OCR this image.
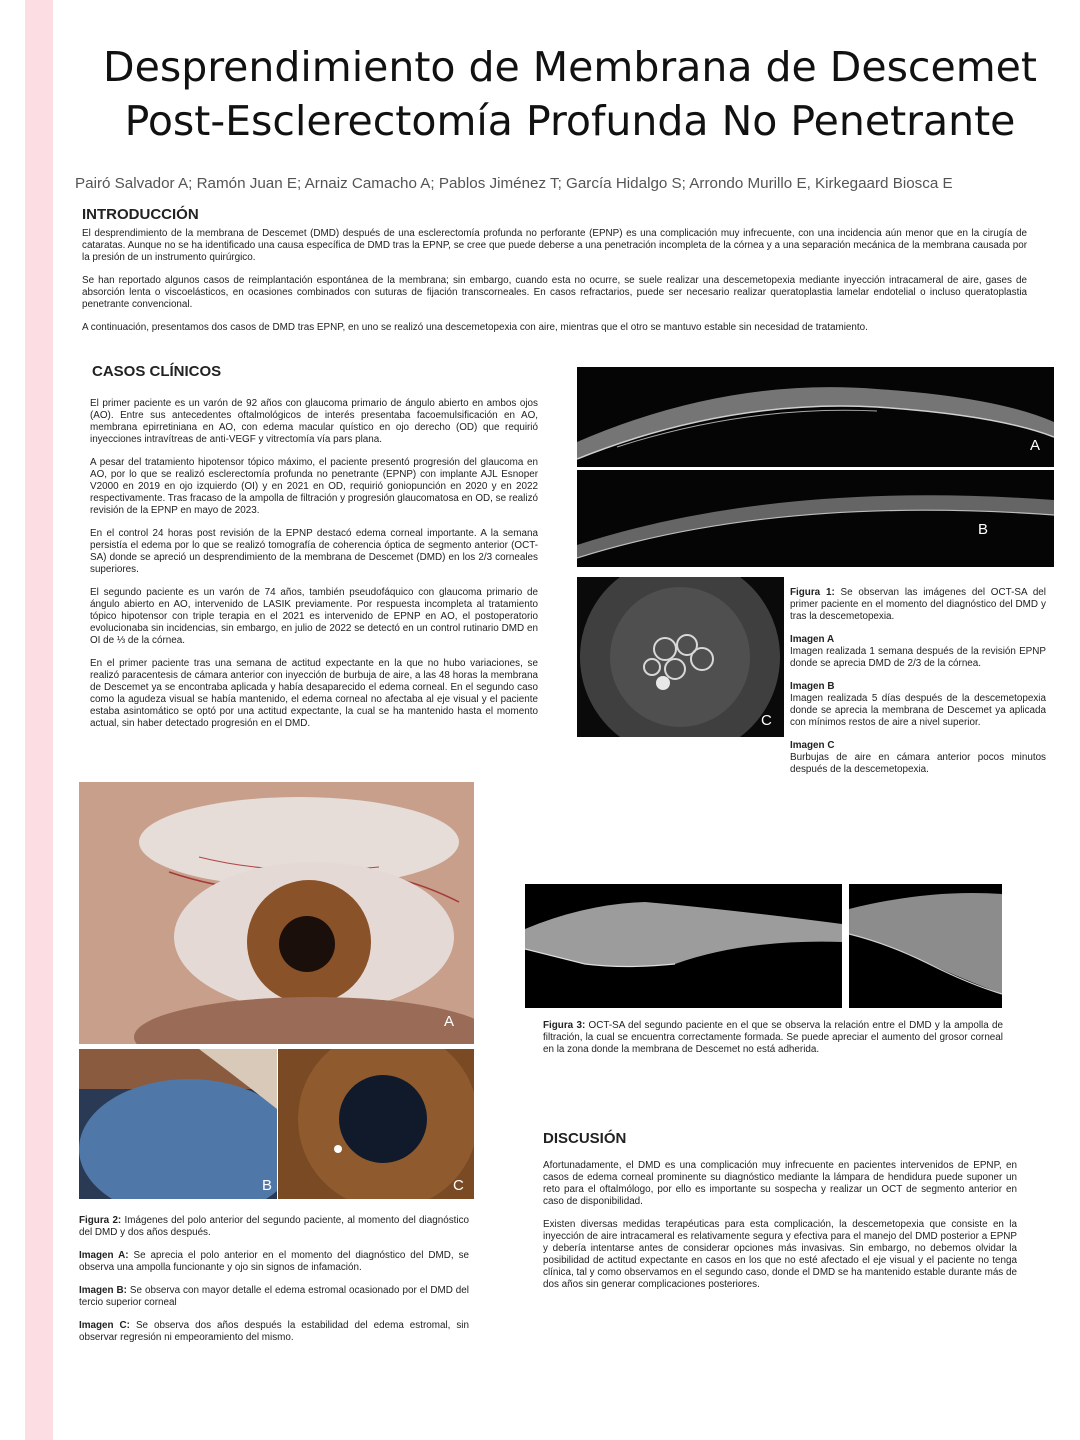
Desprendimiento de Membrana de Descemet
Post-Esclerectomía Profunda No Penetrante
Pairó Salvador A; Ramón Juan E; Arnaiz Camacho A; Pablos Jiménez T; García Hidalgo S; Arrondo Murillo E, Kirkegaard Biosca E
INTRODUCCIÓN

El desprendimiento de la membrana de Descemet (DMD) después de una esclerectomía profunda no perforante (EPNP) es una complicación muy infrecuente, con una incidencia aún menor que en la cirugía de cataratas. Aunque no se ha identificado una causa específica de DMD tras la EPNP, se cree que puede deberse a una penetración incompleta de la córnea y a una separación mecánica de la membrana causada por la presión de un instrumento quirúrgico.

Se han reportado algunos casos de reimplantación espontánea de la membrana; sin embargo, cuando esta no ocurre, se suele realizar una descemetopexia mediante inyección intracameral de aire, gases de absorción lenta o viscoelásticos, en ocasiones combinados con suturas de fijación transcorneales. En casos refractarios, puede ser necesario realizar queratoplastia lamelar endotelial o incluso queratoplastia penetrante convencional.

A continuación, presentamos dos casos de DMD tras EPNP, en uno se realizó una descemetopexia con aire, mientras que el otro se mantuvo estable sin necesidad de tratamiento.

CASOS CLÍNICOS

El primer paciente es un varón de 92 años con glaucoma primario de ángulo abierto en ambos ojos (AO). Entre sus antecedentes oftalmológicos de interés presentaba facoemulsificación en AO, membrana epirretiniana en AO, con edema macular quístico en ojo derecho (OD) que requirió inyecciones intravítreas de anti-VEGF y vitrectomía vía pars plana.

A pesar del tratamiento hipotensor tópico máximo, el paciente presentó progresión del glaucoma en AO, por lo que se realizó esclerectomía profunda no penetrante (EPNP) con implante AJL Esnoper V2000 en 2019 en ojo izquierdo (OI) y en 2021 en OD, requirió goniopunción en 2020 y en 2022 respectivamente. Tras fracaso de la ampolla de filtración y progresión glaucomatosa en OD, se realizó revisión de la EPNP en mayo de 2023.

En el control 24 horas post revisión de la EPNP destacó edema corneal importante. A la semana persistía el edema por lo que se realizó tomografía de coherencia óptica de segmento anterior (OCT-SA) donde se apreció un desprendimiento de la membrana de Descemet (DMD) en los 2/3 corneales superiores.

El segundo paciente es un varón de 74 años, también pseudofáquico con glaucoma primario de ángulo abierto en AO, intervenido de LASIK previamente. Por respuesta incompleta al tratamiento tópico hipotensor con triple terapia en el 2021 es intervenido de EPNP en AO, el postoperatorio evolucionaba sin incidencias, sin embargo, en julio de 2022 se detectó en un control rutinario DMD en OI de ⅓ de la córnea.

En el primer paciente tras una semana de actitud expectante en la que no hubo variaciones, se realizó paracentesis de cámara anterior con inyección de burbuja de aire, a las 48 horas la membrana de Descemet ya se encontraba aplicada y había desaparecido el edema corneal. En el segundo caso como la agudeza visual se había mantenido, el edema corneal no afectaba al eje visual y el paciente estaba asintomático se optó por una actitud expectante, la cual se ha mantenido hasta el momento actual, sin haber detectado progresión en el DMD.

A
B
C

Figura 1: Se observan las imágenes del OCT-SA del primer paciente en el momento del diagnóstico del DMD y tras la descemetopexia.

Imagen A
Imagen realizada 1 semana después de la revisión EPNP donde se aprecia DMD de 2/3 de la córnea.

Imagen B
Imagen realizada 5 días después de la descemetopexia donde se aprecia la membrana de Descemet ya aplicada con mínimos restos de aire a nivel superior.

Imagen C
Burbujas de aire en cámara anterior pocos minutos después de la descemetopexia.

A
B	C

Figura 2: Imágenes del polo anterior del segundo paciente, al momento del diagnóstico del DMD y dos años después.

Imagen A: Se aprecia el polo anterior en el momento del diagnóstico del DMD, se observa una ampolla funcionante y ojo sin signos de infamación.

Imagen B: Se observa con mayor detalle el edema estromal ocasionado por el DMD del tercio superior corneal

Imagen C: Se observa dos años después la estabilidad del edema estromal, sin observar regresión ni empeoramiento del mismo.

Figura 3: OCT-SA del segundo paciente en el que se observa la relación entre el DMD y la ampolla de filtración, la cual se encuentra correctamente formada. Se puede apreciar el aumento del grosor corneal en la zona donde la membrana de Descemet no está adherida.

DISCUSIÓN

Afortunadamente, el DMD es una complicación muy infrecuente en pacientes intervenidos de EPNP, en casos de edema corneal prominente su diagnóstico mediante la lámpara de hendidura puede suponer un reto para el oftalmólogo, por ello es importante su sospecha y realizar un OCT de segmento anterior en caso de disponibilidad.

Existen diversas medidas terapéuticas para esta complicación, la descemetopexia que consiste en la inyección de aire intracameral es relativamente segura y efectiva para el manejo del DMD posterior a EPNP y debería intentarse antes de considerar opciones más invasivas. Sin embargo, no debemos olvidar la posibilidad de actitud expectante en casos en los que no esté afectado el eje visual y el paciente no tenga clínica, tal y como observamos en el segundo caso, donde el DMD se ha mantenido estable durante más de dos años sin generar complicaciones posteriores.
